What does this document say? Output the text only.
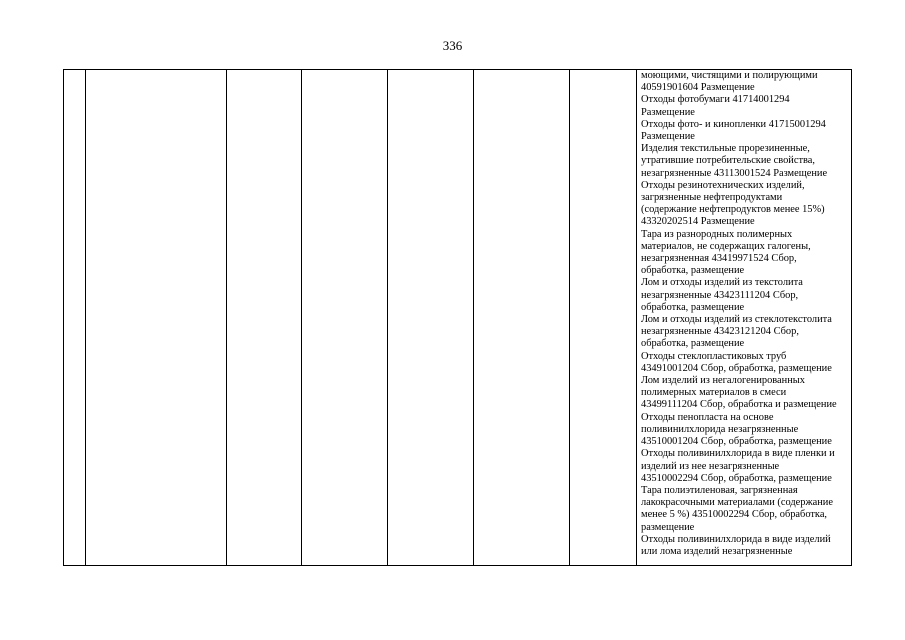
336

моющими, чистящими и полирующими
40591901604 Размещение
Отходы фотобумаги 41714001294
Размещение
Отходы фото- и кинопленки 41715001294
Размещение
Изделия текстильные прорезиненные,
утратившие потребительские свойства,
незагрязненные 43113001524 Размещение
Отходы резинотехнических изделий,
загрязненные нефтепродуктами
(содержание нефтепродуктов менее 15%)
43320202514 Размещение
Тара из разнородных полимерных
материалов, не содержащих галогены,
незагрязненная 43419971524 Сбор,
обработка, размещение
Лом и отходы изделий из текстолита
незагрязненные 43423111204 Сбор,
обработка, размещение
Лом и отходы изделий из стеклотекстолита
незагрязненные 43423121204 Сбор,
обработка, размещение
Отходы стеклопластиковых труб
43491001204 Сбор, обработка, размещение
Лом изделий из негалогенированных
полимерных материалов в смеси
43499111204 Сбор, обработка и размещение
Отходы пенопласта на основе
поливинилхлорида незагрязненные
43510001204 Сбор, обработка, размещение
Отходы поливинилхлорида в виде пленки и
изделий из нее незагрязненные
43510002294 Сбор, обработка, размещение
Тара полиэтиленовая, загрязненная
лакокрасочными материалами (содержание
менее 5 %) 43510002294 Сбор, обработка,
размещение
Отходы поливинилхлорида в виде изделий
или лома изделий незагрязненные
